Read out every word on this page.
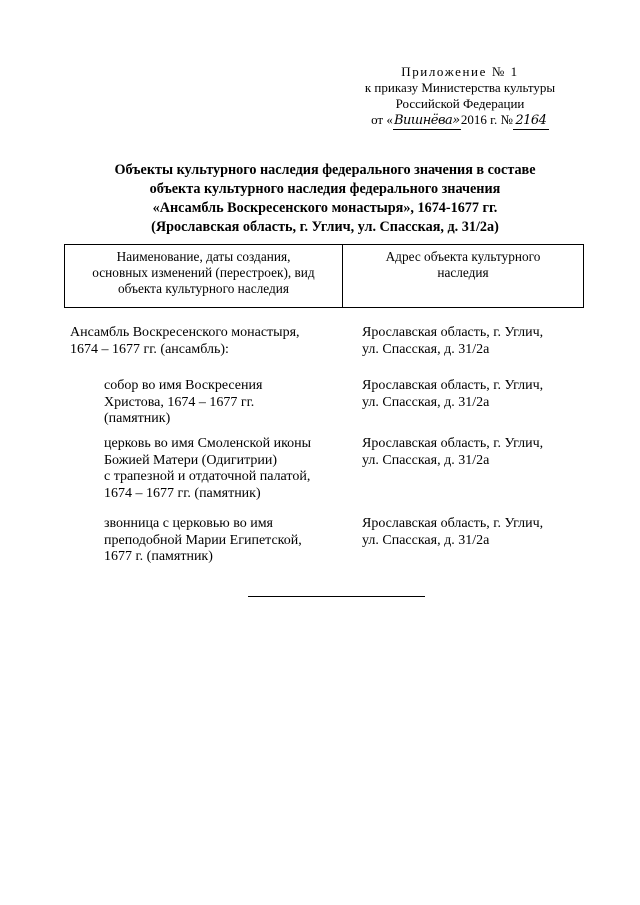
Приложение № 1
к приказу Министерства культуры
Российской Федерации
от «Вишнёва»2016 г. № 2164
Объекты культурного наследия федерального значения в составе
объекта культурного наследия федерального значения
«Ансамбль Воскресенского монастыря», 1674-1677 гг.
(Ярославская область, г. Углич, ул. Спасская, д. 31/2а)
Наименование, даты создания,
основных изменений (перестроек), вид
объекта культурного наследия
Адрес объекта культурного
наследия
Ансамбль Воскресенского монастыря,
1674 – 1677 гг. (ансамбль):
Ярославская область, г. Углич,
ул. Спасская, д. 31/2а
собор во имя Воскресения
Христова, 1674 – 1677 гг.
(памятник)
Ярославская область, г. Углич,
ул. Спасская, д. 31/2а
церковь во имя Смоленской иконы
Божией Матери (Одигитрии)
с трапезной и отдаточной палатой,
1674 – 1677 гг. (памятник)
Ярославская область, г. Углич,
ул. Спасская, д. 31/2а
звонница с церковью во имя
преподобной Марии Египетской,
1677 г. (памятник)
Ярославская область, г. Углич,
ул. Спасская, д. 31/2а
